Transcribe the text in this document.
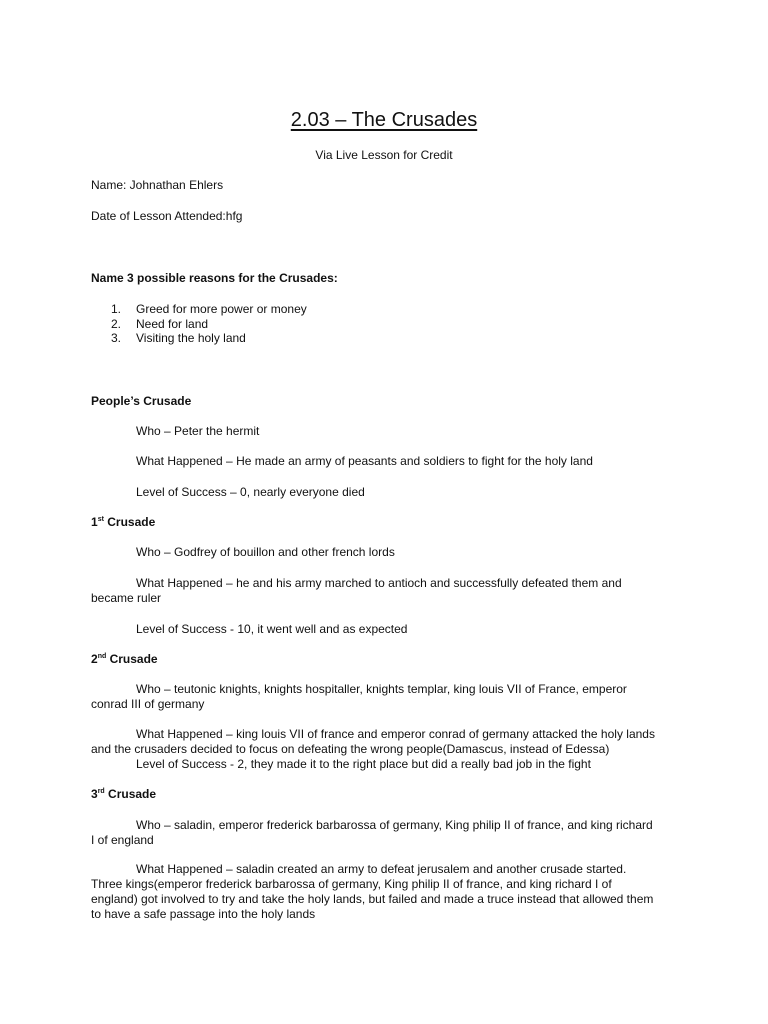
2.03 – The Crusades
Via Live Lesson for Credit
Name: Johnathan Ehlers
Date of Lesson Attended:hfg
Name 3 possible reasons for the Crusades:
1. Greed for more power or money
2. Need for land
3. Visiting the holy land
People’s Crusade
Who – Peter the hermit
What Happened – He made an army of peasants and soldiers to fight for the holy land
Level of Success – 0, nearly everyone died
1st Crusade
Who – Godfrey of bouillon and other french lords
What Happened – he and his army marched to antioch and successfully defeated them and became ruler
Level of Success - 10, it went well and as expected
2nd Crusade
Who – teutonic knights, knights hospitaller, knights templar, king louis VII of France, emperor conrad III of germany
What Happened – king louis VII of france and emperor conrad of germany attacked the holy lands and the crusaders decided to focus on defeating the wrong people(Damascus, instead of Edessa)
Level of Success - 2, they made it to the right place but did a really bad job in the fight
3rd Crusade
Who – saladin, emperor frederick barbarossa of germany, King philip II of france, and king richard I of england
What Happened – saladin created an army to defeat jerusalem and another crusade started. Three kings(emperor frederick barbarossa of germany, King philip II of france, and king richard I of england) got involved to try and take the holy lands, but failed and made a truce instead that allowed them to have a safe passage into the holy lands
